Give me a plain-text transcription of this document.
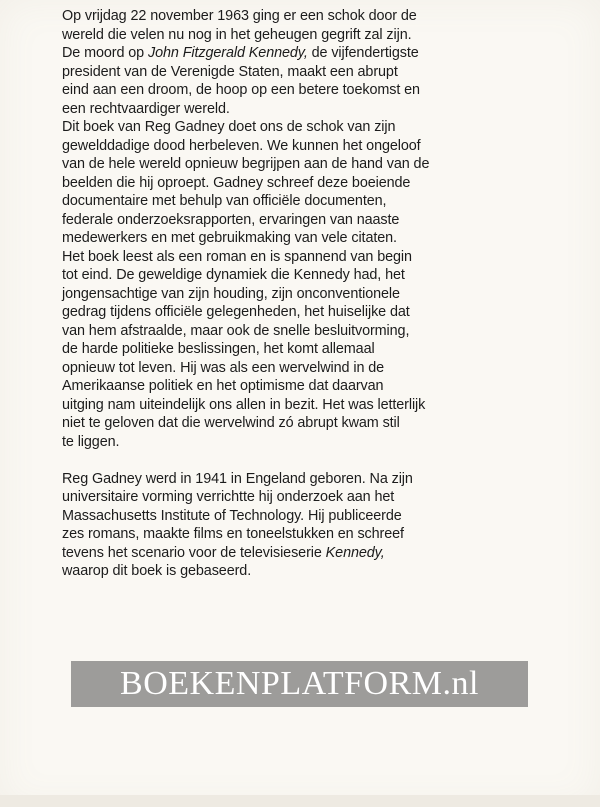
Op vrijdag 22 november 1963 ging er een schok door de
wereld die velen nu nog in het geheugen gegrift zal zijn.
De moord op John Fitzgerald Kennedy, de vijfendertigste
president van de Verenigde Staten, maakt een abrupt
eind aan een droom, de hoop op een betere toekomst en
een rechtvaardiger wereld.
Dit boek van Reg Gadney doet ons de schok van zijn
gewelddadige dood herbeleven. We kunnen het ongeloof
van de hele wereld opnieuw begrijpen aan de hand van de
beelden die hij oproept. Gadney schreef deze boeiende
documentaire met behulp van officiële documenten,
federale onderzoeksrapporten, ervaringen van naaste
medewerkers en met gebruikmaking van vele citaten.
Het boek leest als een roman en is spannend van begin
tot eind. De geweldige dynamiek die Kennedy had, het
jongensachtige van zijn houding, zijn onconventionele
gedrag tijdens officiële gelegenheden, het huiselijke dat
van hem afstraalde, maar ook de snelle besluitvorming,
de harde politieke beslissingen, het komt allemaal
opnieuw tot leven. Hij was als een wervelwind in de
Amerikaanse politiek en het optimisme dat daarvan
uitging nam uiteindelijk ons allen in bezit. Het was letterlijk
niet te geloven dat die wervelwind zó abrupt kwam stil
te liggen.
Reg Gadney werd in 1941 in Engeland geboren. Na zijn
universitaire vorming verrichtte hij onderzoek aan het
Massachusetts Institute of Technology. Hij publiceerde
zes romans, maakte films en toneelstukken en schreef
tevens het scenario voor de televisieserie Kennedy,
waarop dit boek is gebaseerd.
BOEKENPLATFORM.nl
